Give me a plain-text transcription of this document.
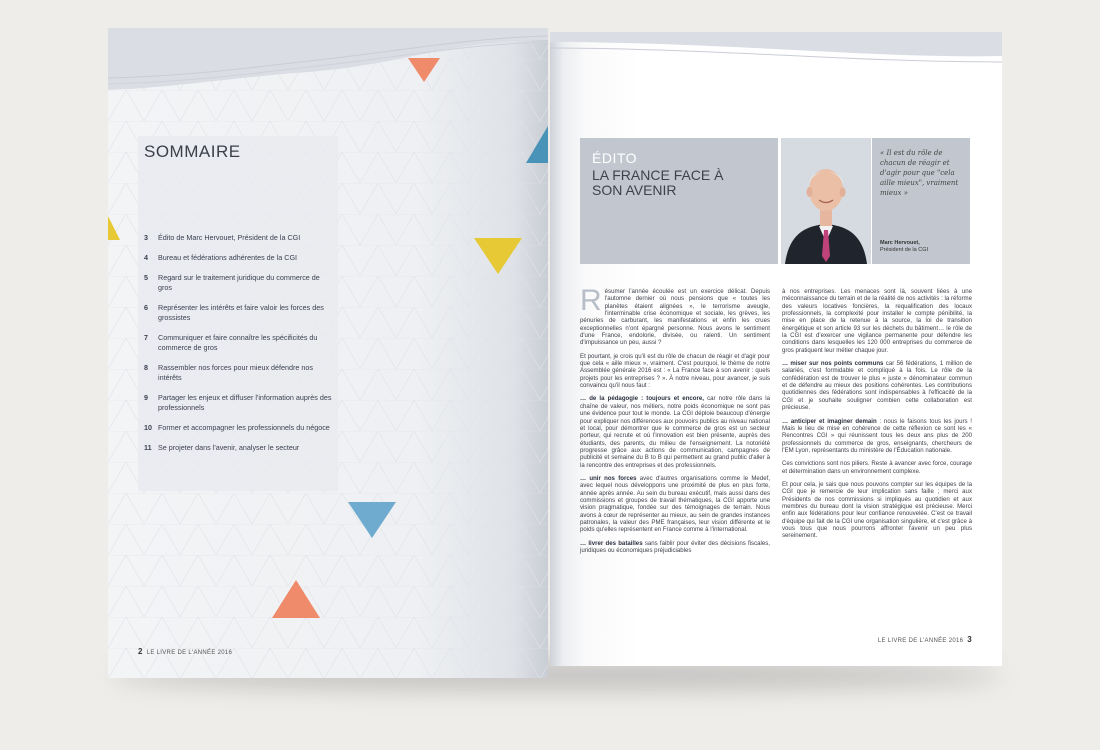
SOMMAIRE
3	Édito de Marc Hervouet, Président de la CGI
4	Bureau et fédérations adhérentes de la CGI
5	Regard sur le traitement juridique du commerce de gros
6	Représenter les intérêts et faire valoir les forces des grossistes
7	Communiquer et faire connaître les spécificités du commerce de gros
8	Rassembler nos forces pour mieux défendre nos intérêts
9	Partager les enjeux et diffuser l'information auprès des professionnels
10 Former et accompagner les professionnels du négoce
11 Se projeter dans l'avenir, analyser le secteur
2 LE LIVRE DE L'ANNÉE 2016
ÉDITO
LA FRANCE FACE À SON AVENIR
« Il est du rôle de chacun de réagir et d'agir pour que "cela aille mieux", vraiment mieux »
Marc Hervouet,
Président de la CGI

Résumer l'année écoulée est un exercice délicat. Depuis l'automne dernier où nous pensions que « toutes les planètes étaient alignées », le terrorisme aveugle, l'interminable crise économique et sociale, les grèves, les pénuries de carburant, les manifestations et enfin les crues exceptionnelles n'ont épargné personne. Nous avons le sentiment d'une France, endolorie, divisée, ou ralenti. Un sentiment d'impuissance un peu, aussi ?

Et pourtant, je crois qu'il est du rôle de chacun de réagir et d'agir pour que cela « aille mieux », vraiment. C'est pourquoi, le thème de notre Assemblée générale 2016 est : « La France face à son avenir : quels projets pour les entreprises ? ». À notre niveau, pour avancer, je suis convaincu qu'il nous faut :

… de la pédagogie : toujours et encore, car notre rôle dans la chaîne de valeur, nos métiers, notre poids économique ne sont pas une évidence pour tout le monde. La CGI déploie beaucoup d'énergie pour expliquer nos différences aux pouvoirs publics au niveau national et local, pour démontrer que le commerce de gros est un secteur porteur, qui recrute et où l'innovation est bien présente, auprès des étudiants, des parents, du milieu de l'enseignement. La notoriété progresse grâce aux actions de communication, campagnes de publicité et semaine du B to B qui permettent au grand public d'aller à la rencontre des entreprises et des professionnels.

… unir nos forces avec d'autres organisations comme le Medef, avec lequel nous développons une proximité de plus en plus forte, année après année. Au sein du bureau exécutif, mais aussi dans des commissions et groupes de travail thématiques, la CGI apporte une vision pragmatique, fondée sur des témoignages de terrain. Nous avons à cœur de représenter au mieux, au sein de grandes instances patronales, la valeur des PME françaises, leur vision différente et le poids qu'elles représentent en France comme à l'international.

… livrer des batailles sans faiblir pour éviter des décisions fiscales, juridiques ou économiques préjudiciables

à nos entreprises. Les menaces sont là, souvent liées à une méconnaissance du terrain et de la réalité de nos activités : la réforme des valeurs locatives foncières, la requalification des locaux professionnels, la complexité pour installer le compte pénibilité, la mise en place de la retenue à la source, la loi de transition énergétique et son article 93 sur les déchets du bâtiment… le rôle de la CGI est d'exercer une vigilance permanente pour défendre les conditions dans lesquelles les 120 000 entreprises du commerce de gros pratiquent leur métier chaque jour.

… miser sur nos points communs car 56 fédérations, 1 million de salariés, c'est formidable et compliqué à la fois. Le rôle de la confédération est de trouver le plus « juste » dénominateur commun et de défendre au mieux des positions cohérentes. Les contributions quotidiennes des fédérations sont indispensables à l'efficacité de la CGI et je souhaite souligner combien cette collaboration est précieuse.

… anticiper et imaginer demain : nous le faisons tous les jours ! Mais le lieu de mise en cohérence de cette réflexion ce sont les « Rencontres CGI » qui réunissent tous les deux ans plus de 200 professionnels du commerce de gros, enseignants, chercheurs de l'EM Lyon, représentants du ministère de l'Éducation nationale.

Ces convictions sont nos piliers. Reste à avancer avec force, courage et détermination dans un environnement complexe.

Et pour cela, je sais que nous pouvons compter sur les équipes de la CGI que je remercie de leur implication sans faille ; merci aux Présidents de nos commissions si impliqués au quotidien et aux membres du bureau dont la vision stratégique est précieuse. Merci enfin aux fédérations pour leur confiance renouvelée. C'est ce travail d'équipe qui fait de la CGI une organisation singulière, et c'est grâce à vous tous que nous pourrons affronter l'avenir un peu plus sereinement.

LE LIVRE DE L'ANNÉE 2016 3
